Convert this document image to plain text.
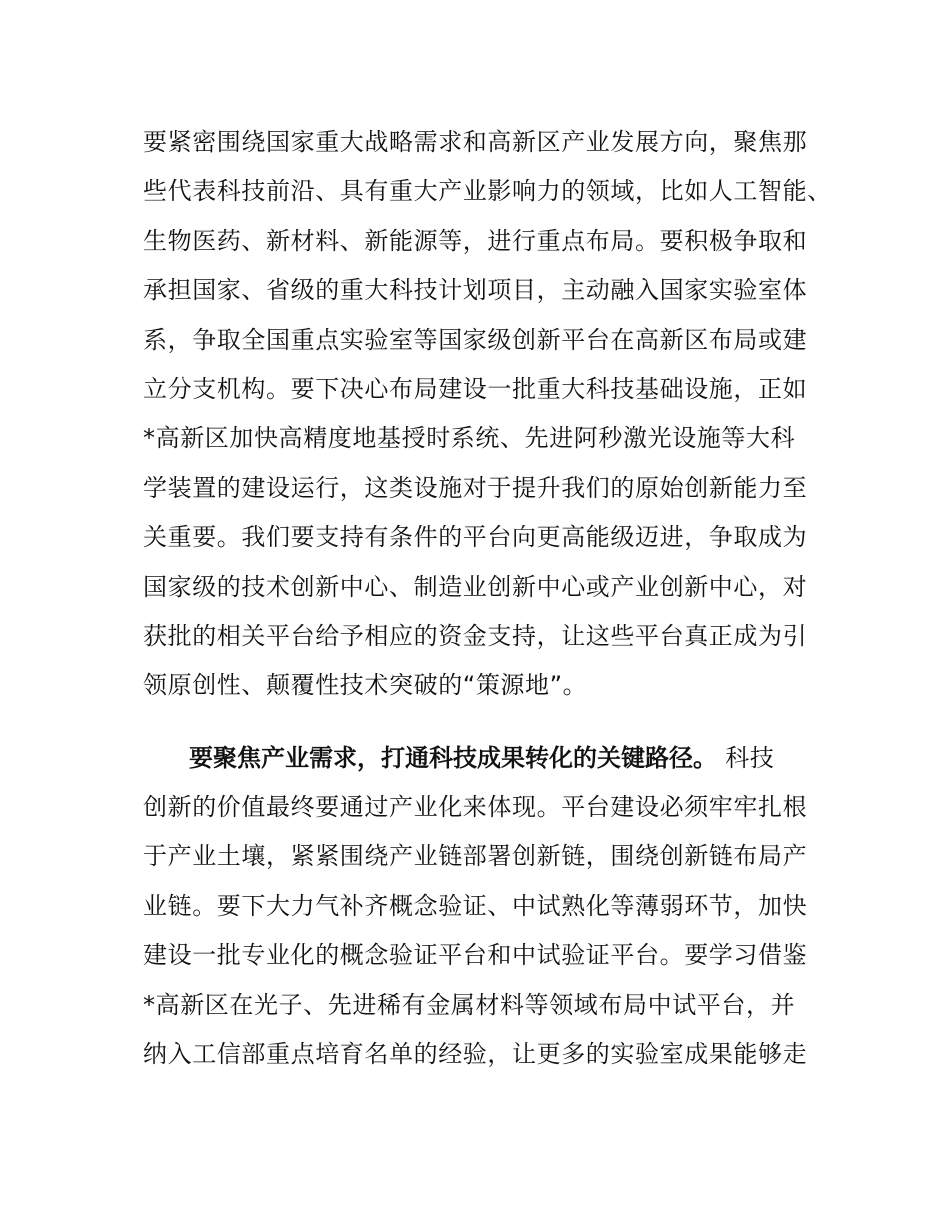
要紧密围绕国家重大战略需求和高新区产业发展方向，聚焦那
些代表科技前沿、具有重大产业影响力的领域，比如人工智能、
生物医药、新材料、新能源等，进行重点布局。要积极争取和
承担国家、省级的重大科技计划项目，主动融入国家实验室体
系，争取全国重点实验室等国家级创新平台在高新区布局或建
立分支机构。要下决心布局建设一批重大科技基础设施，正如
*高新区加快高精度地基授时系统、先进阿秒激光设施等大科
学装置的建设运行，这类设施对于提升我们的原始创新能力至
关重要。我们要支持有条件的平台向更高能级迈进，争取成为
国家级的技术创新中心、制造业创新中心或产业创新中心，对
获批的相关平台给予相应的资金支持，让这些平台真正成为引
领原创性、颠覆性技术突破的“策源地”。
要聚焦产业需求，打通科技成果转化的关键路径。 科技
创新的价值最终要通过产业化来体现。平台建设必须牢牢扎根
于产业土壤，紧紧围绕产业链部署创新链，围绕创新链布局产
业链。要下大力气补齐概念验证、中试熟化等薄弱环节，加快
建设一批专业化的概念验证平台和中试验证平台。要学习借鉴
*高新区在光子、先进稀有金属材料等领域布局中试平台，并
纳入工信部重点培育名单的经验，让更多的实验室成果能够走
